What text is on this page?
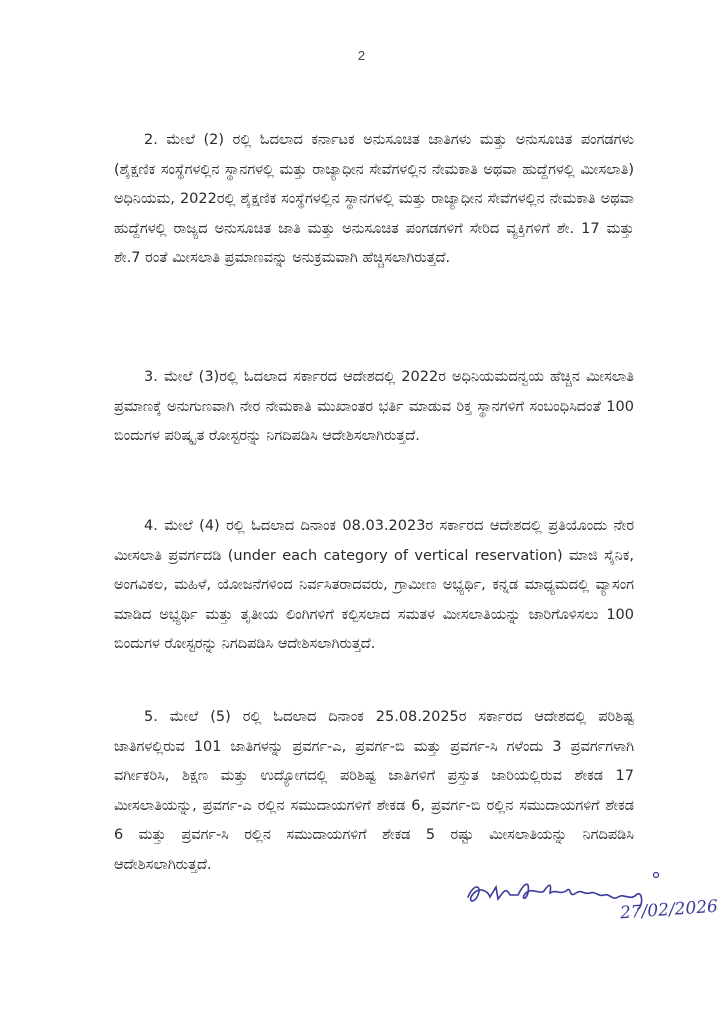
2
2. ಮೇಲೆ (2) ರಲ್ಲಿ ಓದಲಾದ ಕರ್ನಾಟಕ ಅನುಸೂಚಿತ ಜಾತಿಗಳು ಮತ್ತು ಅನುಸೂಚಿತ ಪಂಗಡಗಳು (ಶೈಕ್ಷಣಿಕ ಸಂಸ್ಥೆಗಳಲ್ಲಿನ ಸ್ಥಾನಗಳಲ್ಲಿ ಮತ್ತು ರಾಜ್ಯಾಧೀನ ಸೇವೆಗಳಲ್ಲಿನ ನೇಮಕಾತಿ ಅಥವಾ ಹುದ್ದೆಗಳಲ್ಲಿ ಮೀಸಲಾತಿ) ಅಧಿನಿಯಮ, 2022ರಲ್ಲಿ ಶೈಕ್ಷಣಿಕ ಸಂಸ್ಥೆಗಳಲ್ಲಿನ ಸ್ಥಾನಗಳಲ್ಲಿ ಮತ್ತು ರಾಜ್ಯಾಧೀನ ಸೇವೆಗಳಲ್ಲಿನ ನೇಮಕಾತಿ ಅಥವಾ ಹುದ್ದೆಗಳಲ್ಲಿ ರಾಜ್ಯದ ಅನುಸೂಚಿತ ಜಾತಿ ಮತ್ತು ಅನುಸೂಚಿತ ಪಂಗಡಗಳಿಗೆ ಸೇರಿದ ವ್ಯಕ್ತಿಗಳಿಗೆ ಶೇ. 17 ಮತ್ತು ಶೇ.7 ರಂತೆ ಮೀಸಲಾತಿ ಪ್ರಮಾಣವನ್ನು ಅನುಕ್ರಮವಾಗಿ ಹೆಚ್ಚಿಸಲಾಗಿರುತ್ತದೆ.
3. ಮೇಲೆ (3)ರಲ್ಲಿ ಓದಲಾದ ಸರ್ಕಾರದ ಆದೇಶದಲ್ಲಿ 2022ರ ಅಧಿನಿಯಮದನ್ವಯ ಹೆಚ್ಚಿನ ಮೀಸಲಾತಿ ಪ್ರಮಾಣಕ್ಕೆ ಅನುಗುಣವಾಗಿ ನೇರ ನೇಮಕಾತಿ ಮುಖಾಂತರ ಭರ್ತಿ ಮಾಡುವ ರಿಕ್ತ ಸ್ಥಾನಗಳಿಗೆ ಸಂಬಂಧಿಸಿದಂತೆ 100 ಬಿಂದುಗಳ ಪರಿಷ್ಕೃತ ರೋಸ್ಟರನ್ನು ನಿಗದಿಪಡಿಸಿ ಆದೇಶಿಸಲಾಗಿರುತ್ತದೆ.
4. ಮೇಲೆ (4) ರಲ್ಲಿ ಓದಲಾದ ದಿನಾಂಕ 08.03.2023ರ ಸರ್ಕಾರದ ಆದೇಶದಲ್ಲಿ ಪ್ರತಿಯೊಂದು ನೇರ ಮೀಸಲಾತಿ ಪ್ರವರ್ಗದಡಿ (under each category of vertical reservation) ಮಾಜಿ ಸೈನಿಕ, ಅಂಗವಿಕಲ, ಮಹಿಳೆ, ಯೋಜನೆಗಳಿಂದ ನಿರ್ವಸಿತರಾದವರು, ಗ್ರಾಮೀಣ ಅಭ್ಯರ್ಥಿ, ಕನ್ನಡ ಮಾಧ್ಯಮದಲ್ಲಿ ವ್ಯಾಸಂಗ ಮಾಡಿದ ಅಭ್ಯರ್ಥಿ ಮತ್ತು ತೃತೀಯ ಲಿಂಗಿಗಳಿಗೆ ಕಲ್ಪಿಸಲಾದ ಸಮತಳ ಮೀಸಲಾತಿಯನ್ನು ಜಾರಿಗೊಳಿಸಲು 100 ಬಿಂದುಗಳ ರೋಸ್ಟರನ್ನು ನಿಗದಿಪಡಿಸಿ ಆದೇಶಿಸಲಾಗಿರುತ್ತದೆ.
5. ಮೇಲೆ (5) ರಲ್ಲಿ ಓದಲಾದ ದಿನಾಂಕ 25.08.2025ರ ಸರ್ಕಾರದ ಆದೇಶದಲ್ಲಿ ಪರಿಶಿಷ್ಟ ಜಾತಿಗಳಲ್ಲಿರುವ 101 ಜಾತಿಗಳನ್ನು ಪ್ರವರ್ಗ-ಎ, ಪ್ರವರ್ಗ-ಬಿ ಮತ್ತು ಪ್ರವರ್ಗ-ಸಿ ಗಳೆಂದು 3 ಪ್ರವರ್ಗಗಳಾಗಿ ವರ್ಗೀಕರಿಸಿ, ಶಿಕ್ಷಣ ಮತ್ತು ಉದ್ಯೋಗದಲ್ಲಿ ಪರಿಶಿಷ್ಟ ಜಾತಿಗಳಿಗೆ ಪ್ರಸ್ತುತ ಜಾರಿಯಲ್ಲಿರುವ ಶೇಕಡ 17 ಮೀಸಲಾತಿಯನ್ನು, ಪ್ರವರ್ಗ-ಎ ರಲ್ಲಿನ ಸಮುದಾಯಗಳಿಗೆ ಶೇಕಡ 6, ಪ್ರವರ್ಗ-ಬಿ ರಲ್ಲಿನ ಸಮುದಾಯಗಳಿಗೆ ಶೇಕಡ 6 ಮತ್ತು ಪ್ರವರ್ಗ-ಸಿ ರಲ್ಲಿನ ಸಮುದಾಯಗಳಿಗೆ ಶೇಕಡ 5 ರಷ್ಟು ಮೀಸಲಾತಿಯನ್ನು ನಿಗದಿಪಡಿಸಿ ಆದೇಶಿಸಲಾಗಿರುತ್ತದೆ.
27/02/2026
